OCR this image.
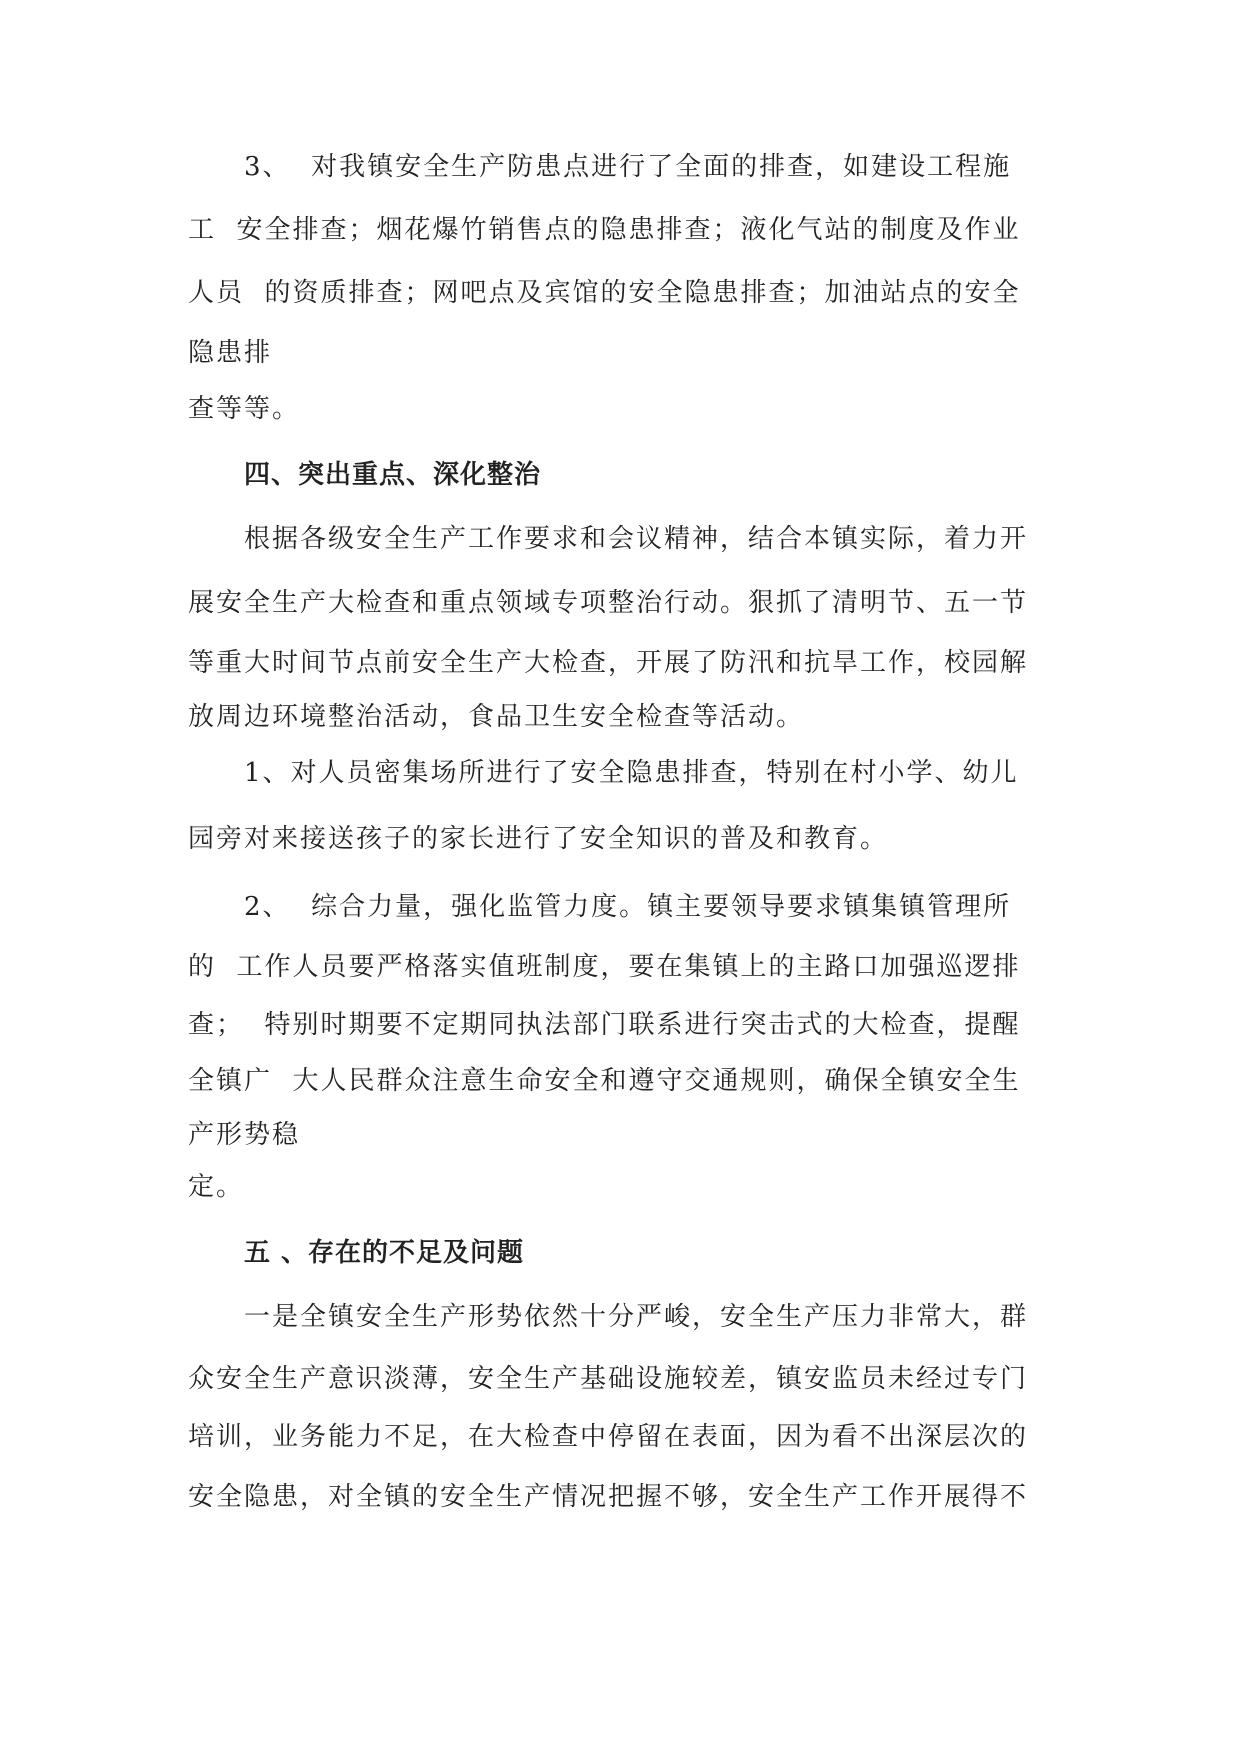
3、  对我镇安全生产防患点进行了全面的排查，如建设工程施

工  安全排查；烟花爆竹销售点的隐患排查；液化气站的制度及作业

人员  的资质排查；网吧点及宾馆的安全隐患排查；加油站点的安全

隐患排

查等等。

四、突出重点、深化整治

根据各级安全生产工作要求和会议精神，结合本镇实际，着力开

展安全生产大检查和重点领域专项整治行动。狠抓了清明节、五一节

等重大时间节点前安全生产大检查，开展了防汛和抗旱工作，校园解

放周边环境整治活动，食品卫生安全检查等活动。

1、对人员密集场所进行了安全隐患排查，特别在村小学、幼儿

园旁对来接送孩子的家长进行了安全知识的普及和教育。

2、  综合力量，强化监管力度。镇主要领导要求镇集镇管理所

的  工作人员要严格落实值班制度，要在集镇上的主路口加强巡逻排

查；  特别时期要不定期同执法部门联系进行突击式的大检查，提醒

全镇广  大人民群众注意生命安全和遵守交通规则，确保全镇安全生

产形势稳

定。

五 、存在的不足及问题

一是全镇安全生产形势依然十分严峻，安全生产压力非常大，群

众安全生产意识淡薄，安全生产基础设施较差，镇安监员未经过专门

培训，业务能力不足，在大检查中停留在表面，因为看不出深层次的

安全隐患，对全镇的安全生产情况把握不够，安全生产工作开展得不
